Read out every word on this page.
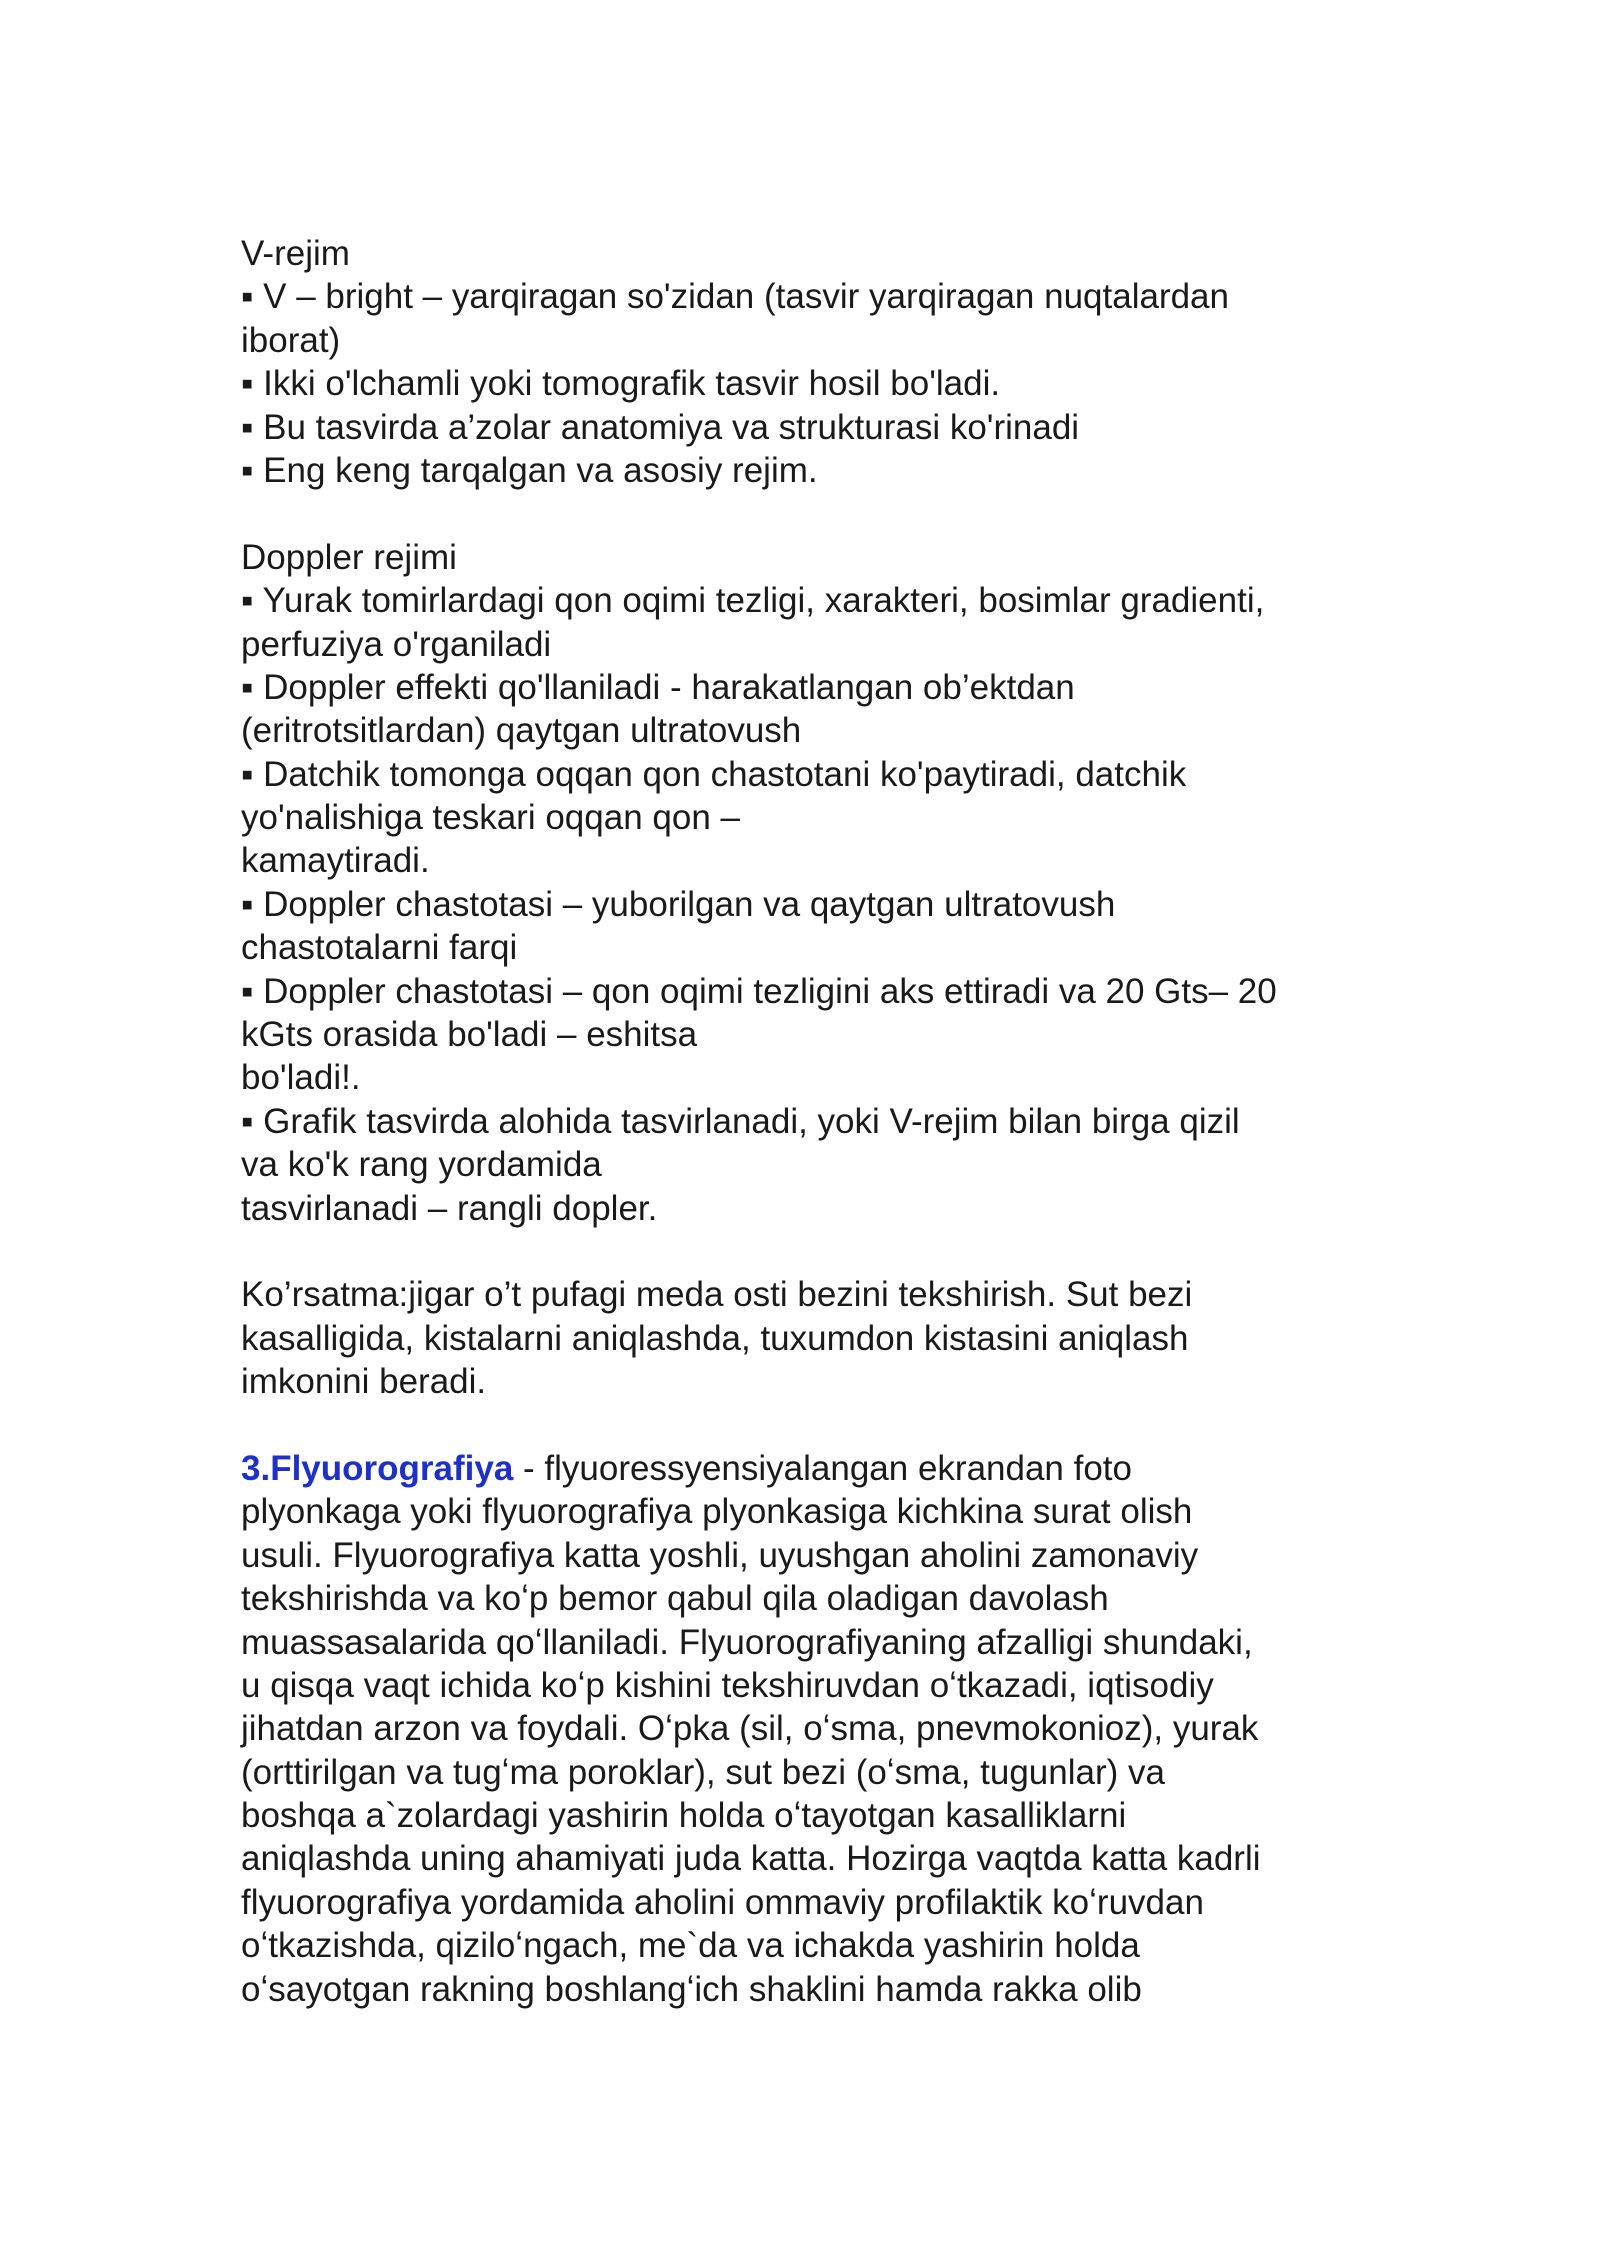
V-rejim
▪ V – bright – yarqiragan so'zidan (tasvir yarqiragan nuqtalardan
iborat)
▪ Ikki o'lchamli yoki tomografik tasvir hosil bo'ladi.
▪ Bu tasvirda a’zolar anatomiya va strukturasi ko'rinadi
▪ Eng keng tarqalgan va asosiy rejim.
Doppler rejimi
▪ Yurak tomirlardagi qon oqimi tezligi, xarakteri, bosimlar gradienti,
perfuziya o'rganiladi
▪ Doppler effekti qo'llaniladi - harakatlangan ob’ektdan
(eritrotsitlardan) qaytgan ultratovush
▪ Datchik tomonga oqqan qon chastotani ko'paytiradi, datchik
yo'nalishiga teskari oqqan qon –
kamaytiradi.
▪ Doppler chastotasi – yuborilgan va qaytgan ultratovush
chastotalarni farqi
▪ Doppler chastotasi – qon oqimi tezligini aks ettiradi va 20 Gts– 20
kGts orasida bo'ladi – eshitsa
bo'ladi!.
▪ Grafik tasvirda alohida tasvirlanadi, yoki V-rejim bilan birga qizil
va ko'k rang yordamida
tasvirlanadi – rangli dopler.
Ko’rsatma:jigar o’t pufagi meda osti bezini tekshirish. Sut bezi
kasalligida, kistalarni aniqlashda, tuxumdon kistasini aniqlash
imkonini beradi.
3.Flyuorografiya - flyuoressyensiyalangan ekrandan foto
plyonkaga yoki flyuorografiya plyonkasiga kichkina surat olish
usuli. Flyuorografiya katta yoshli, uyushgan aholini zamonaviy
tekshirishda va koʻp bemor qabul qila oladigan davolash
muassasalarida qoʻllaniladi. Flyuorografiyaning afzalligi shundaki,
u qisqa vaqt ichida koʻp kishini tekshiruvdan oʻtkazadi, iqtisodiy
jihatdan arzon va foydali. Oʻpka (sil, oʻsma, pnevmokonioz), yurak
(orttirilgan va tugʻma poroklar), sut bezi (oʻsma, tugunlar) va
boshqa a`zolardagi yashirin holda oʻtayotgan kasalliklarni
aniqlashda uning ahamiyati juda katta. Hozirga vaqtda katta kadrli
flyuorografiya yordamida aholini ommaviy profilaktik koʻruvdan
oʻtkazishda, qiziloʻngach, me`da va ichakda yashirin holda
oʻsayotgan rakning boshlangʻich shaklini hamda rakka olib
